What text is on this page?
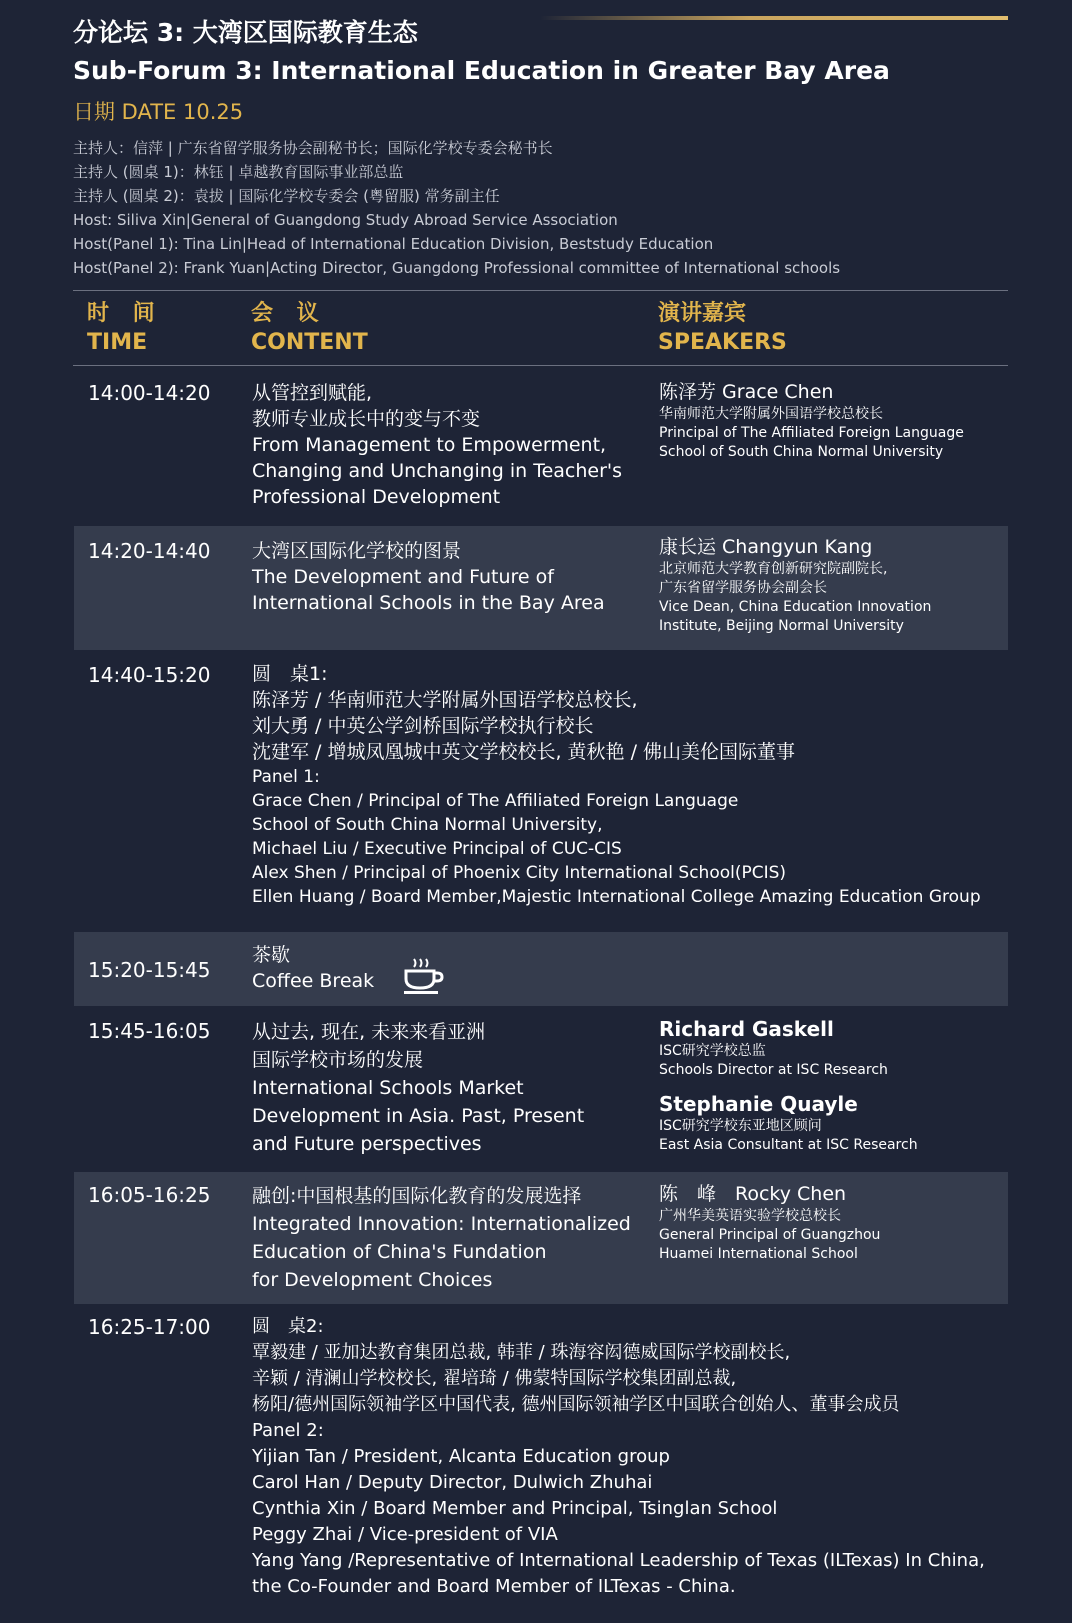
分论坛 3: 大湾区国际教育生态
Sub-Forum 3: International Education in Greater Bay Area
日期 DATE 10.25
主持人：信萍 | 广东省留学服务协会副秘书长；国际化学校专委会秘书长
主持人 (圆桌 1)：林钰 | 卓越教育国际事业部总监
主持人 (圆桌 2)：袁拔 | 国际化学校专委会 (粤留服) 常务副主任
Host: Siliva Xin|General of Guangdong Study Abroad Service Association
Host(Panel 1): Tina Lin|Head of International Education Division, Beststudy Education
Host(Panel 2): Frank Yuan|Acting Director, Guangdong Professional committee of International schools
时 间
TIME
会 议
CONTENT
演讲嘉宾
SPEAKERS
14:00-14:20 从管控到赋能,
教师专业成长中的变与不变
From Management to Empowerment,
Changing and Unchanging in Teacher's
Professional Development
陈泽芳 Grace Chen
华南师范大学附属外国语学校总校长
Principal of The Affiliated Foreign Language
School of South China Normal University
14:20-14:40 大湾区国际化学校的图景
The Development and Future of
International Schools in the Bay Area
康长运 Changyun Kang
北京师范大学教育创新研究院副院长,
广东省留学服务协会副会长
Vice Dean, China Education Innovation
Institute, Beijing Normal University
14:40-15:20 圆　桌1:
陈泽芳 / 华南师范大学附属外国语学校总校长,
刘大勇 / 中英公学剑桥国际学校执行校长
沈建军 / 增城凤凰城中英文学校校长, 黄秋艳 / 佛山美伦国际董事
Panel 1:
Grace Chen / Principal of The Affiliated Foreign Language
School of South China Normal University,
Michael Liu / Executive Principal of CUC-CIS
Alex Shen / Principal of Phoenix City International School(PCIS)
Ellen Huang / Board Member,Majestic International College Amazing Education Group
15:20-15:45
茶歇
Coffee Break
15:45-16:05 从过去, 现在, 未来来看亚洲
国际学校市场的发展
International Schools Market
Development in Asia. Past, Present
and Future perspectives
Richard Gaskell
ISC研究学校总监
Schools Director at ISC Research
Stephanie Quayle
ISC研究学校东亚地区顾问
East Asia Consultant at ISC Research
16:05-16:25 融创:中国根基的国际化教育的发展选择
Integrated Innovation: Internationalized
Education of China's Fundation
for Development Choices
陈　峰　Rocky Chen
广州华美英语实验学校总校长
General Principal of Guangzhou
Huamei International School
16:25-17:00 圆　桌2:
覃毅建 / 亚加达教育集团总裁, 韩菲 / 珠海容闳德威国际学校副校长,
辛颖 / 清澜山学校校长, 翟培琦 / 佛蒙特国际学校集团副总裁,
杨阳/德州国际领袖学区中国代表, 德州国际领袖学区中国联合创始人、董事会成员
Panel 2:
Yijian Tan / President, Alcanta Education group
Carol Han / Deputy Director, Dulwich Zhuhai
Cynthia Xin / Board Member and Principal, Tsinglan School
Peggy Zhai / Vice-president of VIA
Yang Yang /Representative of International Leadership of Texas (ILTexas) In China,
the Co-Founder and Board Member of ILTexas - China.
